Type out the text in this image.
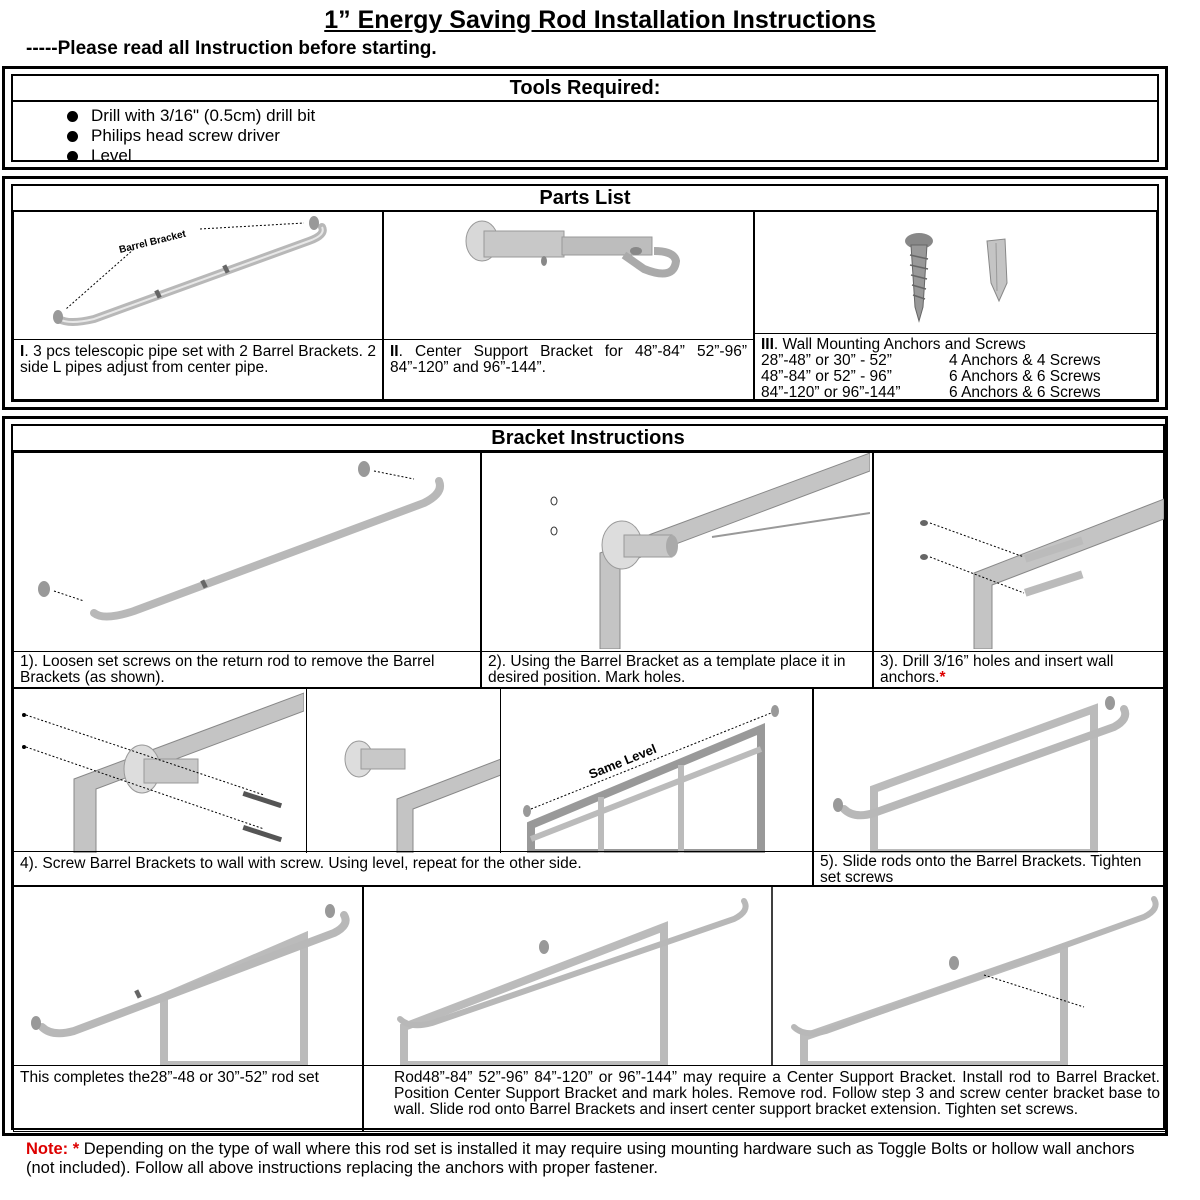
1” Energy Saving Rod Installation Instructions
-----Please read all Instruction before starting.
Tools Required:
Drill with 3/16" (0.5cm) drill bit
Philips head screw driver
Level
Parts List
Barrel Bracket
I. 3 pcs telescopic pipe set with 2 Barrel Brackets. 2 side L pipes adjust from center pipe.
II. Center Support Bracket for 48”-84” 52”-96” 84”-120” and 96”-144”.
III. Wall Mounting Anchors and Screws
28”-48” or 30” - 52”	4 Anchors & 4 Screws
48”-84” or 52” - 96”	6 Anchors & 6 Screws
84”-120” or 96”-144”	6 Anchors & 6 Screws
Bracket Instructions
1). Loosen set screws on the return rod to remove the Barrel Brackets (as shown).
2). Using the Barrel Bracket as a template place it in desired position. Mark holes.
3). Drill 3/16” holes and insert wall anchors.*
Same Level
4). Screw Barrel Brackets to wall with screw. Using level, repeat for the other side.	5). Slide rods onto the Barrel Brackets. Tighten set screws
This completes the28”-48 or 30”-52” rod set	Rod48”-84” 52”-96” 84”-120” or 96”-144” may require a Center Support Bracket. Install rod to Barrel Bracket. Position Center Support Bracket and mark holes. Remove rod. Follow step 3 and screw center bracket base to wall. Slide rod onto Barrel Brackets and insert center support bracket extension. Tighten set screws.
Note: * Depending on the type of wall where this rod set is installed it may require using mounting hardware such as Toggle Bolts or hollow wall anchors (not included). Follow all above instructions replacing the anchors with proper fastener.
